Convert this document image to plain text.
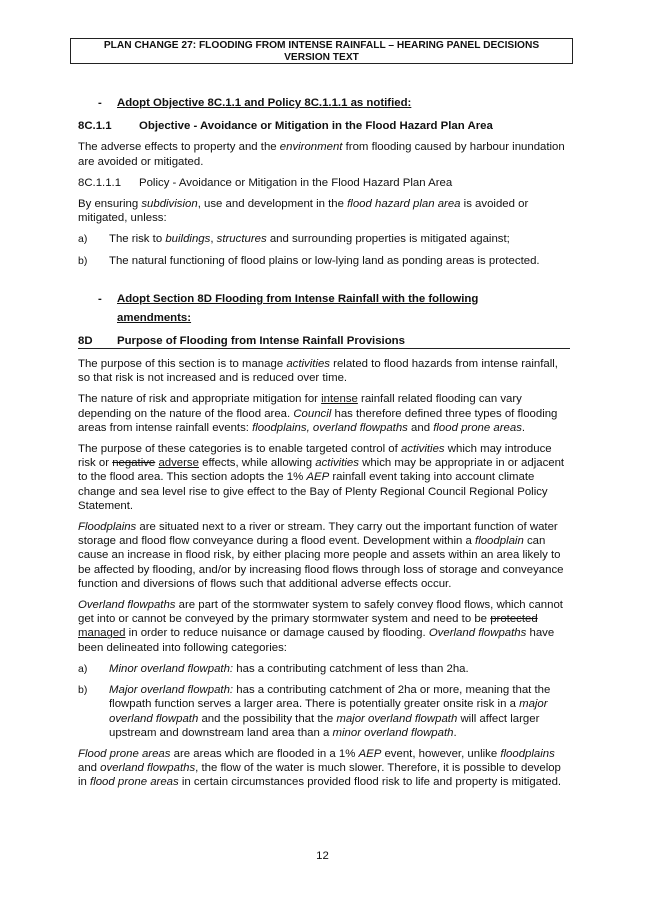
PLAN CHANGE 27: FLOODING FROM INTENSE RAINFALL – HEARING PANEL DECISIONS
VERSION TEXT

- Adopt Objective 8C.1.1 and Policy 8C.1.1.1 as notified:

8C.1.1	Objective - Avoidance or Mitigation in the Flood Hazard Plan Area

The adverse effects to property and the environment from flooding caused by harbour inundation are avoided or mitigated.

8C.1.1.1	Policy - Avoidance or Mitigation in the Flood Hazard Plan Area

By ensuring subdivision, use and development in the flood hazard plan area is avoided or mitigated, unless:

a)	The risk to buildings, structures and surrounding properties is mitigated against;
b)	The natural functioning of flood plains or low-lying land as ponding areas is protected.

- Adopt Section 8D Flooding from Intense Rainfall with the following

amendments:

8D	Purpose of Flooding from Intense Rainfall Provisions

The purpose of this section is to manage activities related to flood hazards from intense rainfall, so that risk is not increased and is reduced over time.

The nature of risk and appropriate mitigation for intense rainfall related flooding can vary depending on the nature of the flood area. Council has therefore defined three types of flooding areas from intense rainfall events: floodplains, overland flowpaths and flood prone areas.

The purpose of these categories is to enable targeted control of activities which may introduce risk or negative adverse effects, while allowing activities which may be appropriate in or adjacent to the flood area. This section adopts the 1% AEP rainfall event taking into account climate change and sea level rise to give effect to the Bay of Plenty Regional Council Regional Policy Statement.

Floodplains are situated next to a river or stream. They carry out the important function of water storage and flood flow conveyance during a flood event. Development within a floodplain can cause an increase in flood risk, by either placing more people and assets within an area likely to be affected by flooding, and/or by increasing flood flows through loss of storage and conveyance function and diversions of flows such that additional adverse effects occur.

Overland flowpaths are part of the stormwater system to safely convey flood flows, which cannot get into or cannot be conveyed by the primary stormwater system and need to be protected managed in order to reduce nuisance or damage caused by flooding. Overland flowpaths have been delineated into following categories:

a)	Minor overland flowpath: has a contributing catchment of less than 2ha.
b)	Major overland flowpath: has a contributing catchment of 2ha or more, meaning that the flowpath function serves a larger area. There is potentially greater onsite risk in a major overland flowpath and the possibility that the major overland flowpath will affect larger upstream and downstream land area than a minor overland flowpath.

Flood prone areas are areas which are flooded in a 1% AEP event, however, unlike floodplains and overland flowpaths, the flow of the water is much slower. Therefore, it is possible to develop in flood prone areas in certain circumstances provided flood risk to life and property is mitigated.

12
